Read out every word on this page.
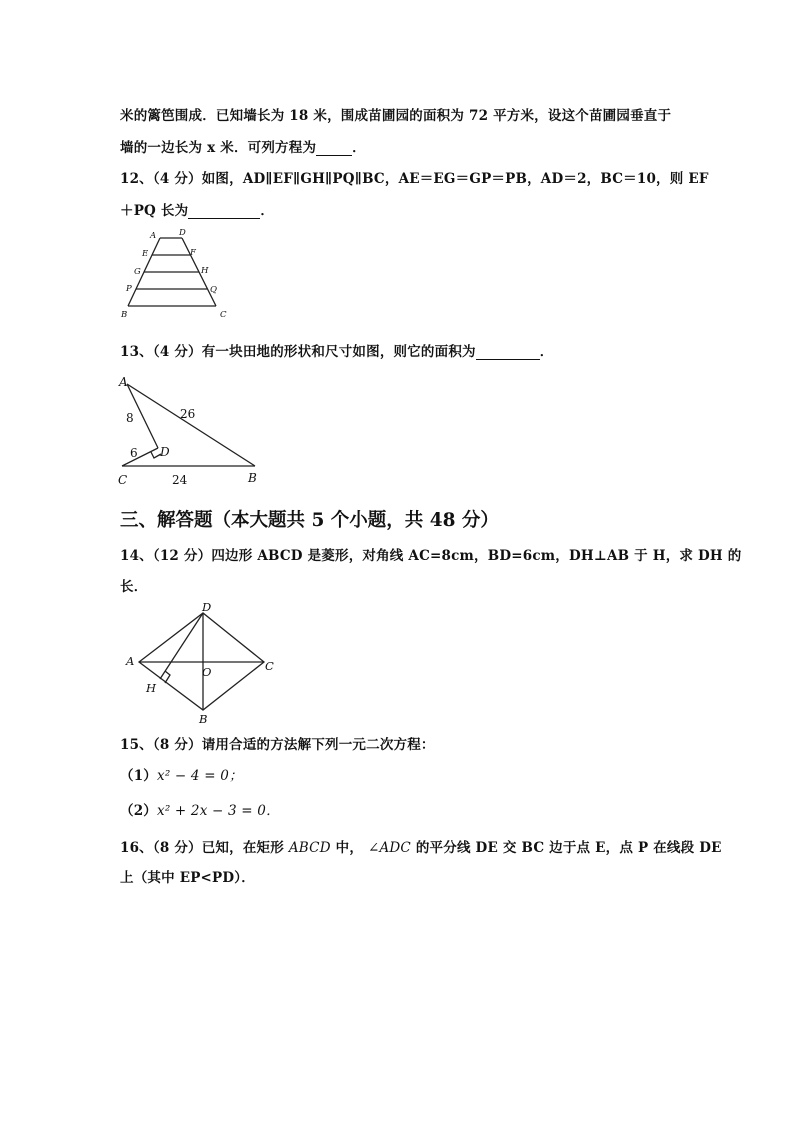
米的篱笆围成．已知墙长为 18 米，围成苗圃园的面积为 72 平方米，设这个苗圃园垂直于
墙的一边长为 x 米．可列方程为	．
12、（4 分）如图，AD∥EF∥GH∥PQ∥BC，AE＝EG＝GP＝PB，AD＝2，BC＝10，则 EF
＋PQ 长为	．
A	D
E	F
G	H
P	Q
B	C
13、（4 分）有一块田地的形状和尺寸如图，则它的面积为	．
A
B
C
D
8	26
6
24
三、解答题（本大题共 5 个小题，共 48 分）
14、（12 分）四边形 ABCD 是菱形，对角线 AC=8cm，BD=6cm，DH⊥AB 于 H，求 DH 的
长．
A
D
C
B
H
O
15、（8 分）请用合适的方法解下列一元二次方程：
（1）x² − 4 = 0；
（2）x² + 2x − 3 = 0．
16、（8 分）已知，在矩形 ABCD 中， ∠ADC 的平分线 DE 交 BC 边于点 E，点 P 在线段 DE
上（其中 EP<PD）．
